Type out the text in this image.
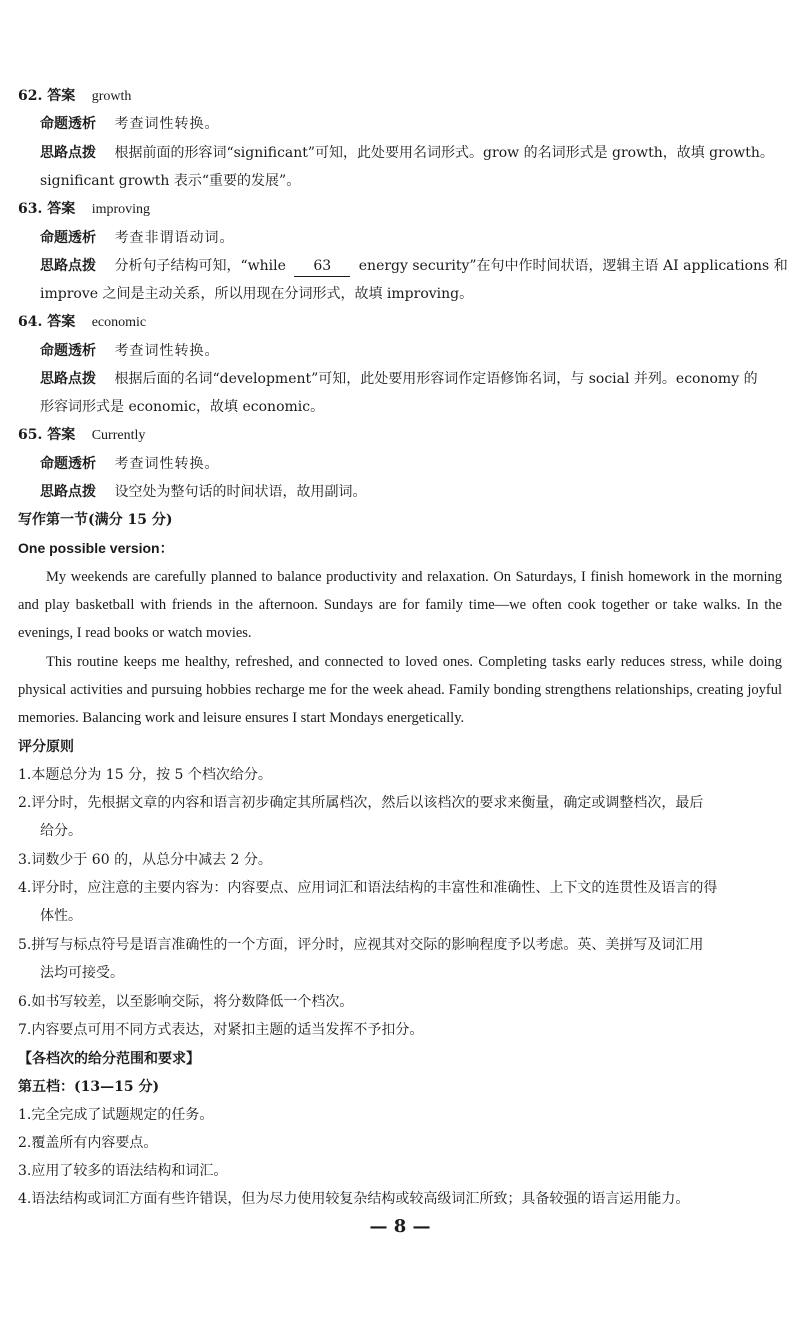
62. 答案 growth
命题透析 考查词性转换。
思路点拨 根据前面的形容词“significant”可知，此处要用名词形式。grow 的名词形式是 growth，故填 growth。
significant growth 表示“重要的发展”。
63. 答案 improving
命题透析 考查非谓语动词。
思路点拨 分析句子结构可知，“while 63 energy security”在句中作时间状语，逻辑主语 AI applications 和
improve 之间是主动关系，所以用现在分词形式，故填 improving。
64. 答案 economic
命题透析 考查词性转换。
思路点拨 根据后面的名词“development”可知，此处要用形容词作定语修饰名词，与 social 并列。economy 的
形容词形式是 economic，故填 economic。
65. 答案 Currently
命题透析 考查词性转换。
思路点拨 设空处为整句话的时间状语，故用副词。
写作第一节(满分 15 分)
One possible version：
My weekends are carefully planned to balance productivity and relaxation. On Saturdays, I finish homework in the morning and play basketball with friends in the afternoon. Sundays are for family time—we often cook together or take walks. In the evenings, I read books or watch movies.
This routine keeps me healthy, refreshed, and connected to loved ones. Completing tasks early reduces stress, while doing physical activities and pursuing hobbies recharge me for the week ahead. Family bonding strengthens relationships, creating joyful memories. Balancing work and leisure ensures I start Mondays energetically.
评分原则
1.本题总分为 15 分，按 5 个档次给分。
2.评分时，先根据文章的内容和语言初步确定其所属档次，然后以该档次的要求来衡量，确定或调整档次，最后
给分。
3.词数少于 60 的，从总分中减去 2 分。
4.评分时，应注意的主要内容为：内容要点、应用词汇和语法结构的丰富性和准确性、上下文的连贯性及语言的得
体性。
5.拼写与标点符号是语言准确性的一个方面，评分时，应视其对交际的影响程度予以考虑。英、美拼写及词汇用
法均可接受。
6.如书写较差，以至影响交际，将分数降低一个档次。
7.内容要点可用不同方式表达，对紧扣主题的适当发挥不予扣分。
【各档次的给分范围和要求】
第五档：(13—15 分)
1.完全完成了试题规定的任务。
2.覆盖所有内容要点。
3.应用了较多的语法结构和词汇。
4.语法结构或词汇方面有些许错误，但为尽力使用较复杂结构或较高级词汇所致；具备较强的语言运用能力。
— 8 —
